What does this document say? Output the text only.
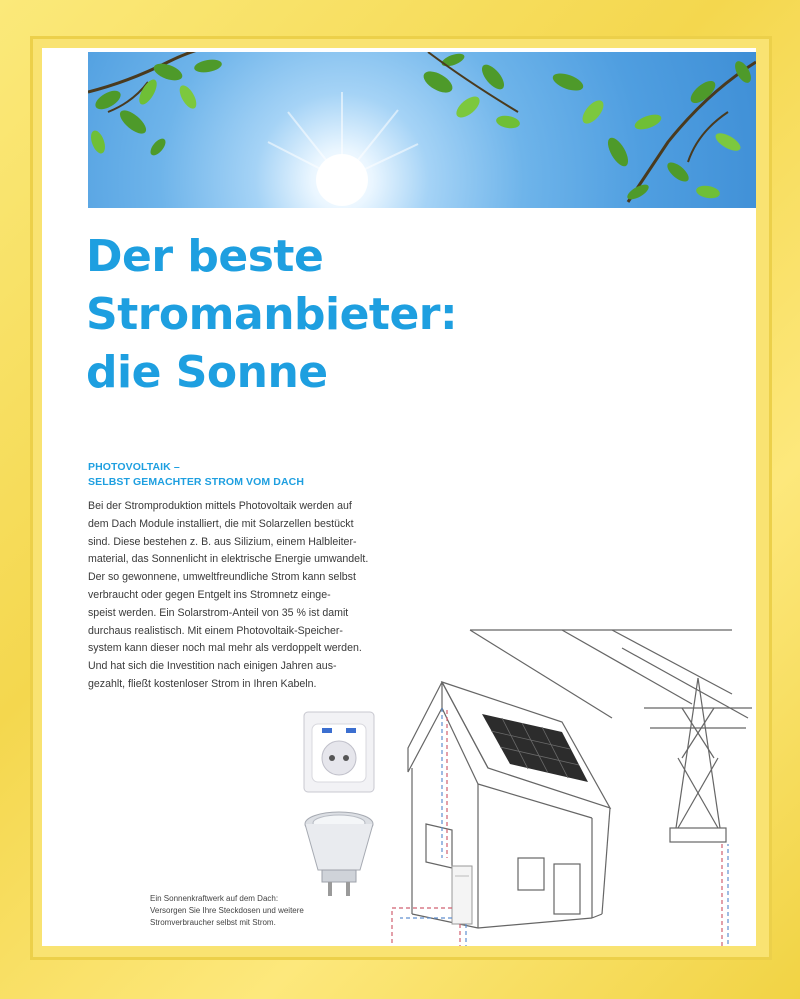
Der beste
Stromanbieter:
die Sonne
PHOTOVOLTAIK –
SELBST GEMACHTER STROM VOM DACH
Bei der Stromproduktion mittels Photovoltaik werden auf
dem Dach Module installiert, die mit Solarzellen bestückt
sind. Diese bestehen z. B. aus Silizium, einem Halbleiter-
material, das Sonnenlicht in elektrische Energie umwandelt.
Der so gewonnene, umweltfreundliche Strom kann selbst
verbraucht oder gegen Entgelt ins Stromnetz einge-
speist werden. Ein Solarstrom-Anteil von 35 % ist damit
durchaus realistisch. Mit einem Photovoltaik-Speicher-
system kann dieser noch mal mehr als verdoppelt werden.
Und hat sich die Investition nach einigen Jahren aus-
gezahlt, fließt kostenloser Strom in Ihren Kabeln.
Ein Sonnenkraftwerk auf dem Dach:
Versorgen Sie Ihre Steckdosen und weitere
Stromverbraucher selbst mit Strom.
